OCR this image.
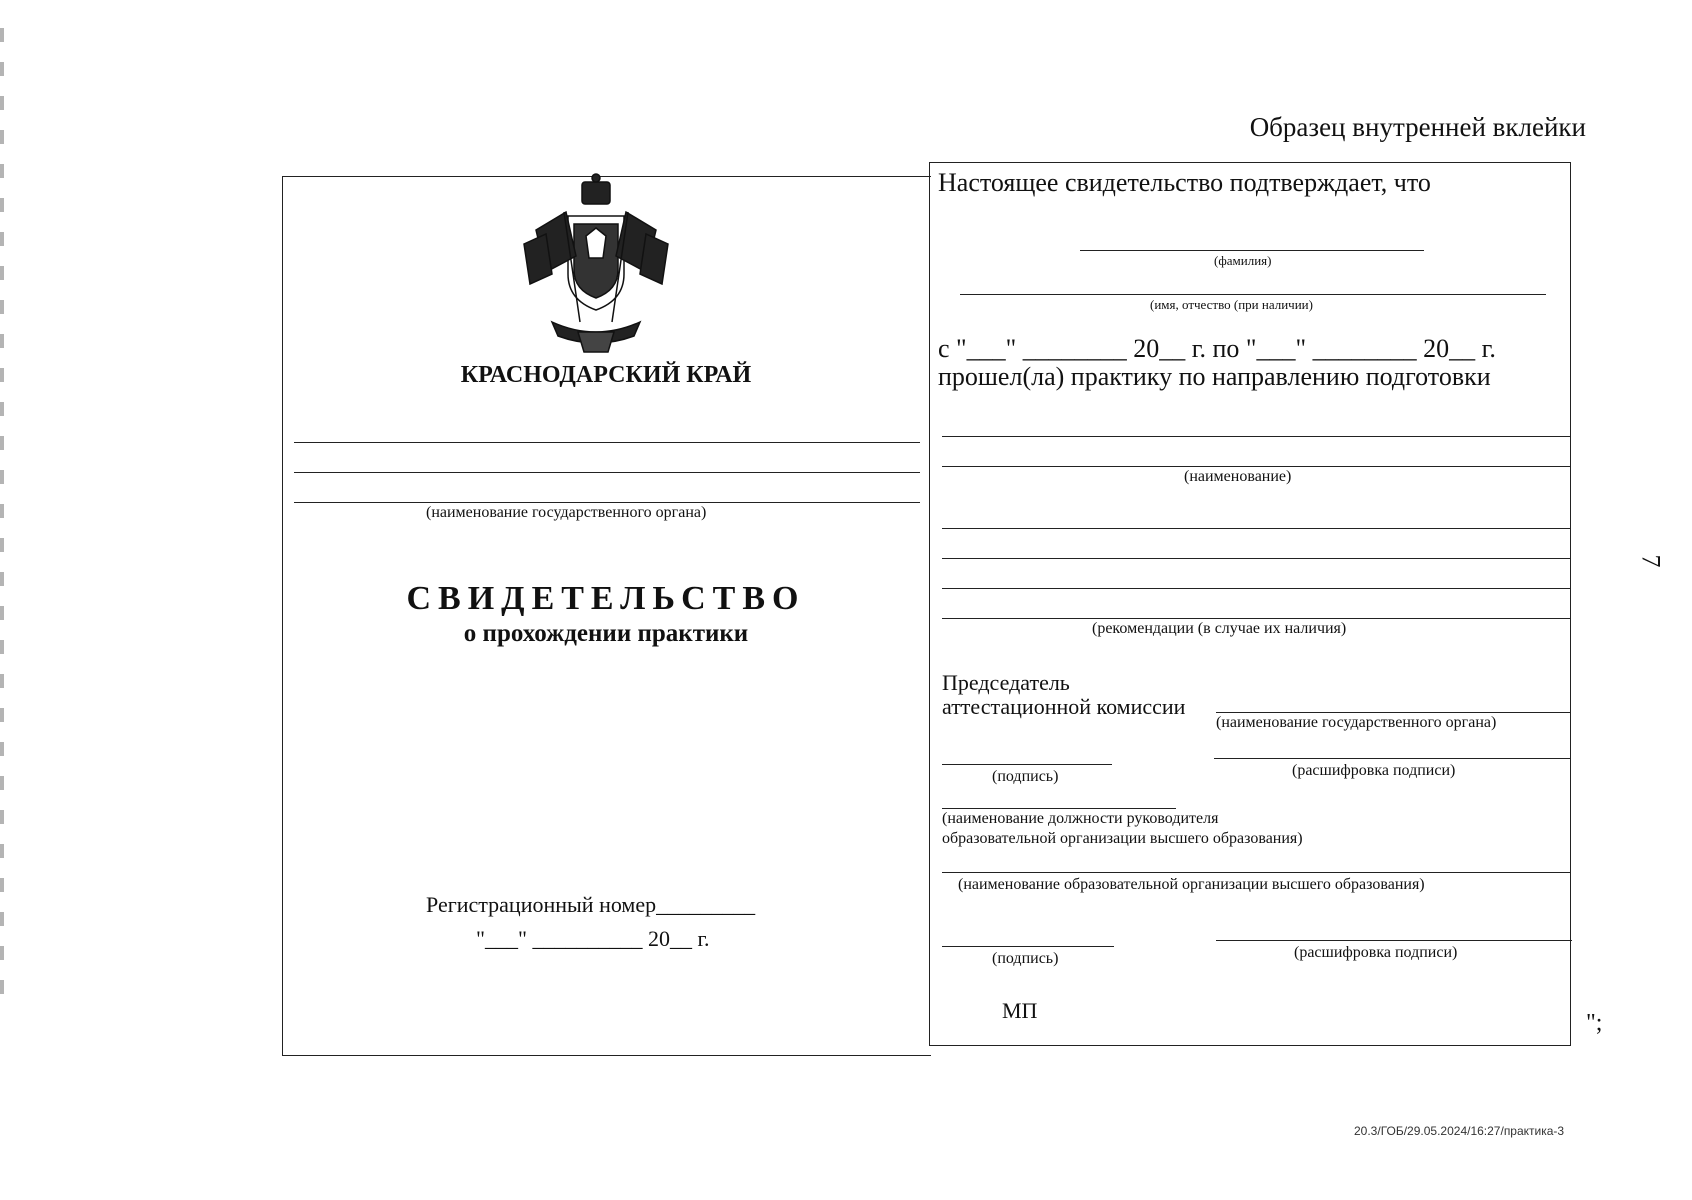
Образец внутренней вклейки
7
";
20.3/ГОБ/29.05.2024/16:27/практика-3
КРАСНОДАРСКИЙ КРАЙ
(наименование государственного органа)
СВИДЕТЕЛЬСТВО
о прохождении практики
Регистрационный номер_________
"___" __________ 20__ г.
Настоящее свидетельство подтверждает, что
(фамилия)
(имя, отчество (при наличии)
с "___" ________ 20__ г. по "___" ________ 20__ г.
прошел(ла) практику по направлению подготовки
(наименование)
(рекомендации (в случае их наличия)
Председатель
аттестационной комиссии
(наименование государственного органа)
(подпись)	(расшифровка подписи)
(наименование должности руководителя
образовательной организации высшего образования)
(наименование образовательной организации высшего образования)
(подпись)	(расшифровка подписи)
МП
